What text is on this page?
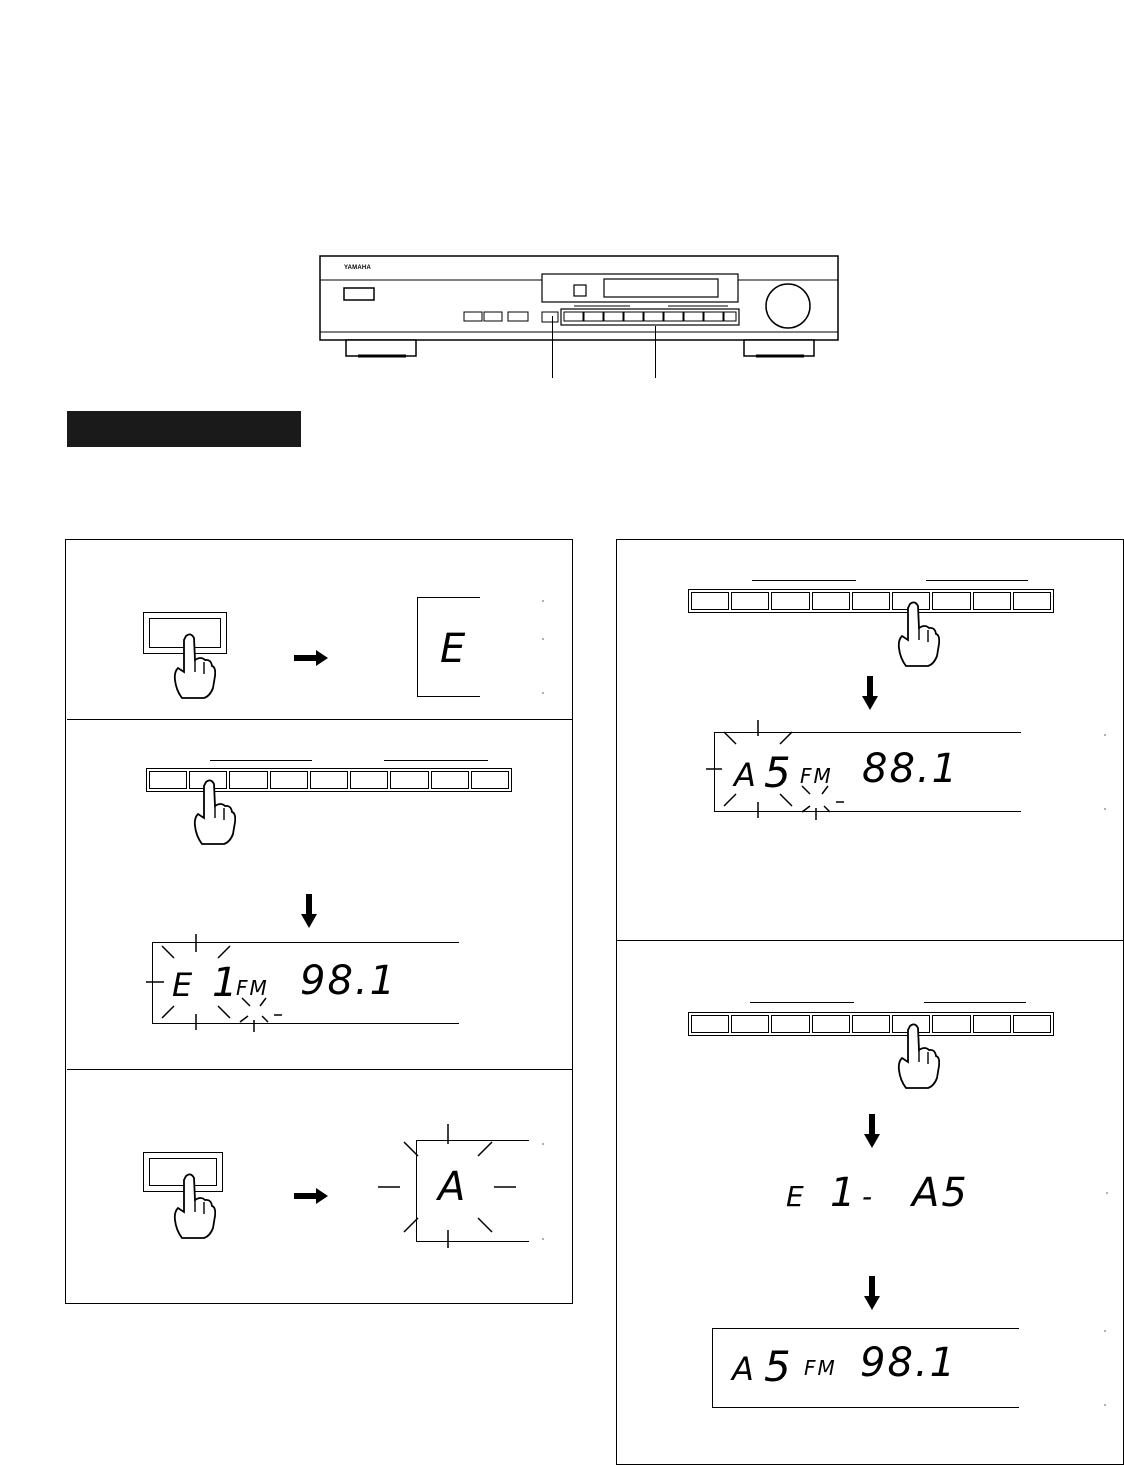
YAMAHA
E
E 1
FM 98.1
A
A 5 FM 88.1
E 1 - A5
A 5 FM 98.1
